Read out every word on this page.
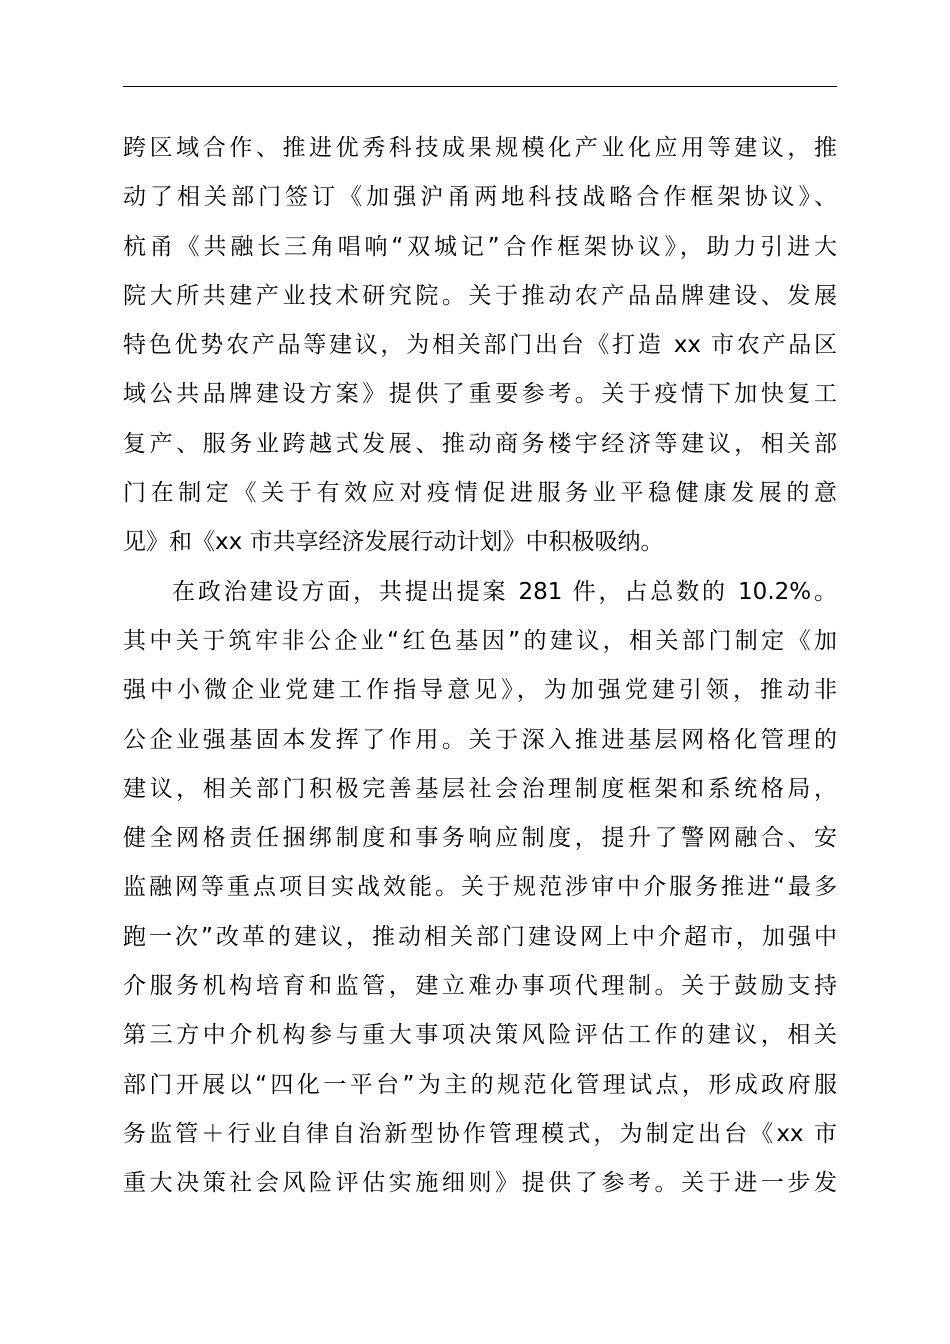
跨区域合作、推进优秀科技成果规模化产业化应用等建议，推
动了相关部门签订《加强沪甬两地科技战略合作框架协议》、
杭甬《共融长三角唱响“双城记”合作框架协议》，助力引进大
院大所共建产业技术研究院。关于推动农产品品牌建设、发展
特色优势农产品等建议，为相关部门出台《打造 xx 市农产品区
域公共品牌建设方案》提供了重要参考。关于疫情下加快复工
复产、服务业跨越式发展、推动商务楼宇经济等建议，相关部
门在制定《关于有效应对疫情促进服务业平稳健康发展的意
见》和《xx 市共享经济发展行动计划》中积极吸纳。
在政治建设方面，共提出提案 281 件，占总数的 10.2%。
其中关于筑牢非公企业“红色基因”的建议，相关部门制定《加
强中小微企业党建工作指导意见》，为加强党建引领，推动非
公企业强基固本发挥了作用。关于深入推进基层网格化管理的
建议，相关部门积极完善基层社会治理制度框架和系统格局，
健全网格责任捆绑制度和事务响应制度，提升了警网融合、安
监融网等重点项目实战效能。关于规范涉审中介服务推进“最多
跑一次”改革的建议，推动相关部门建设网上中介超市，加强中
介服务机构培育和监管，建立难办事项代理制。关于鼓励支持
第三方中介机构参与重大事项决策风险评估工作的建议，相关
部门开展以“四化一平台”为主的规范化管理试点，形成政府服
务监管＋行业自律自治新型协作管理模式，为制定出台《xx 市
重大决策社会风险评估实施细则》提供了参考。关于进一步发
